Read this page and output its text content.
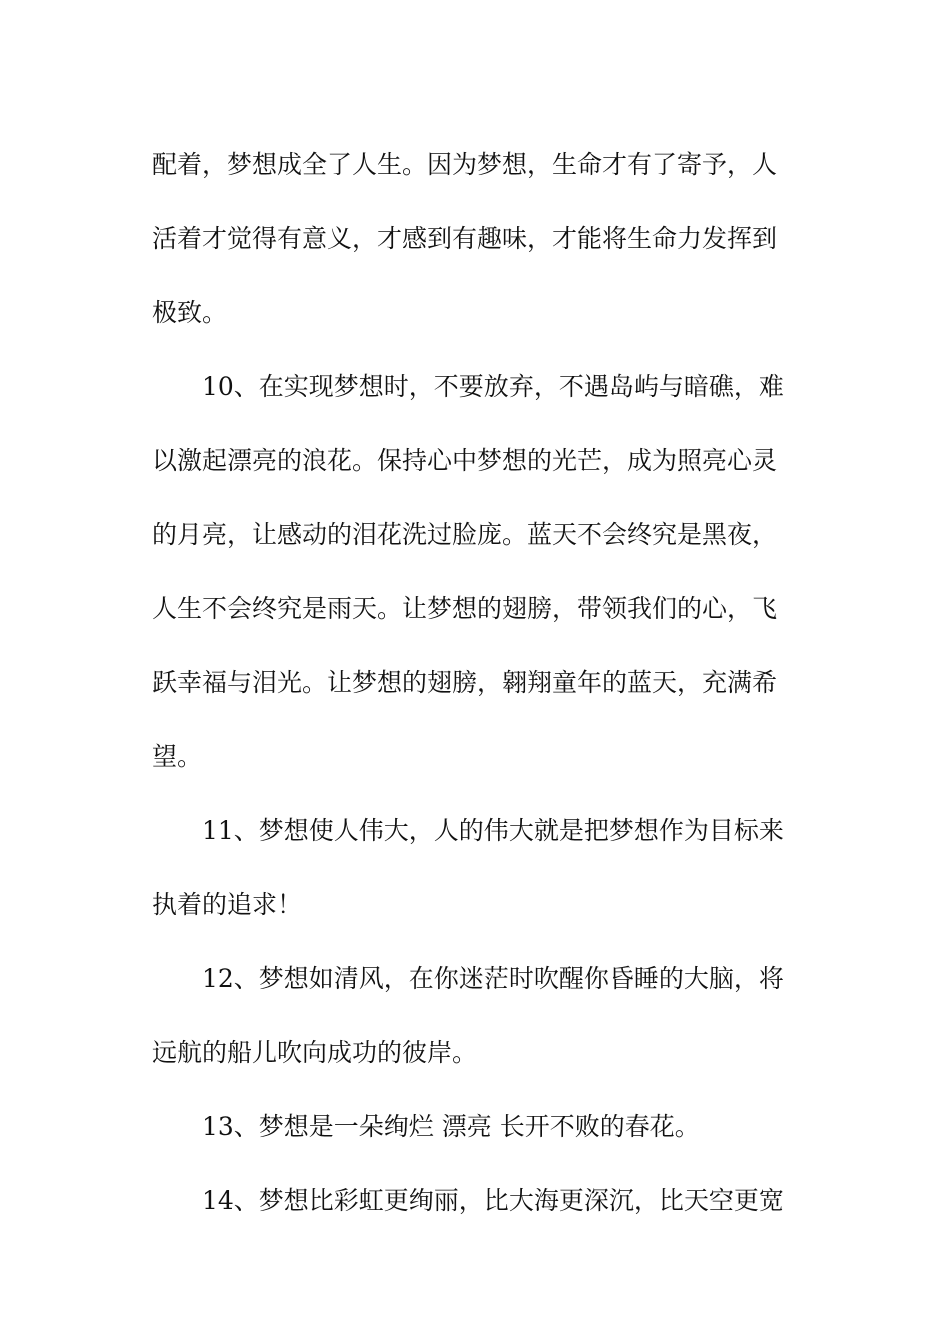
配着，梦想成全了人生。因为梦想，生命才有了寄予，人
活着才觉得有意义，才感到有趣味，才能将生命力发挥到
极致。
10、在实现梦想时，不要放弃，不遇岛屿与暗礁，难
以激起漂亮的浪花。保持心中梦想的光芒，成为照亮心灵
的月亮，让感动的泪花洗过脸庞。蓝天不会终究是黑夜，
人生不会终究是雨天。让梦想的翅膀，带领我们的心，飞
跃幸福与泪光。让梦想的翅膀，翱翔童年的蓝天，充满希
望。
11、梦想使人伟大，人的伟大就是把梦想作为目标来
执着的追求！
12、梦想如清风，在你迷茫时吹醒你昏睡的大脑，将
远航的船儿吹向成功的彼岸。
13、梦想是一朵绚烂 漂亮 长开不败的春花。
14、梦想比彩虹更绚丽，比大海更深沉，比天空更宽
